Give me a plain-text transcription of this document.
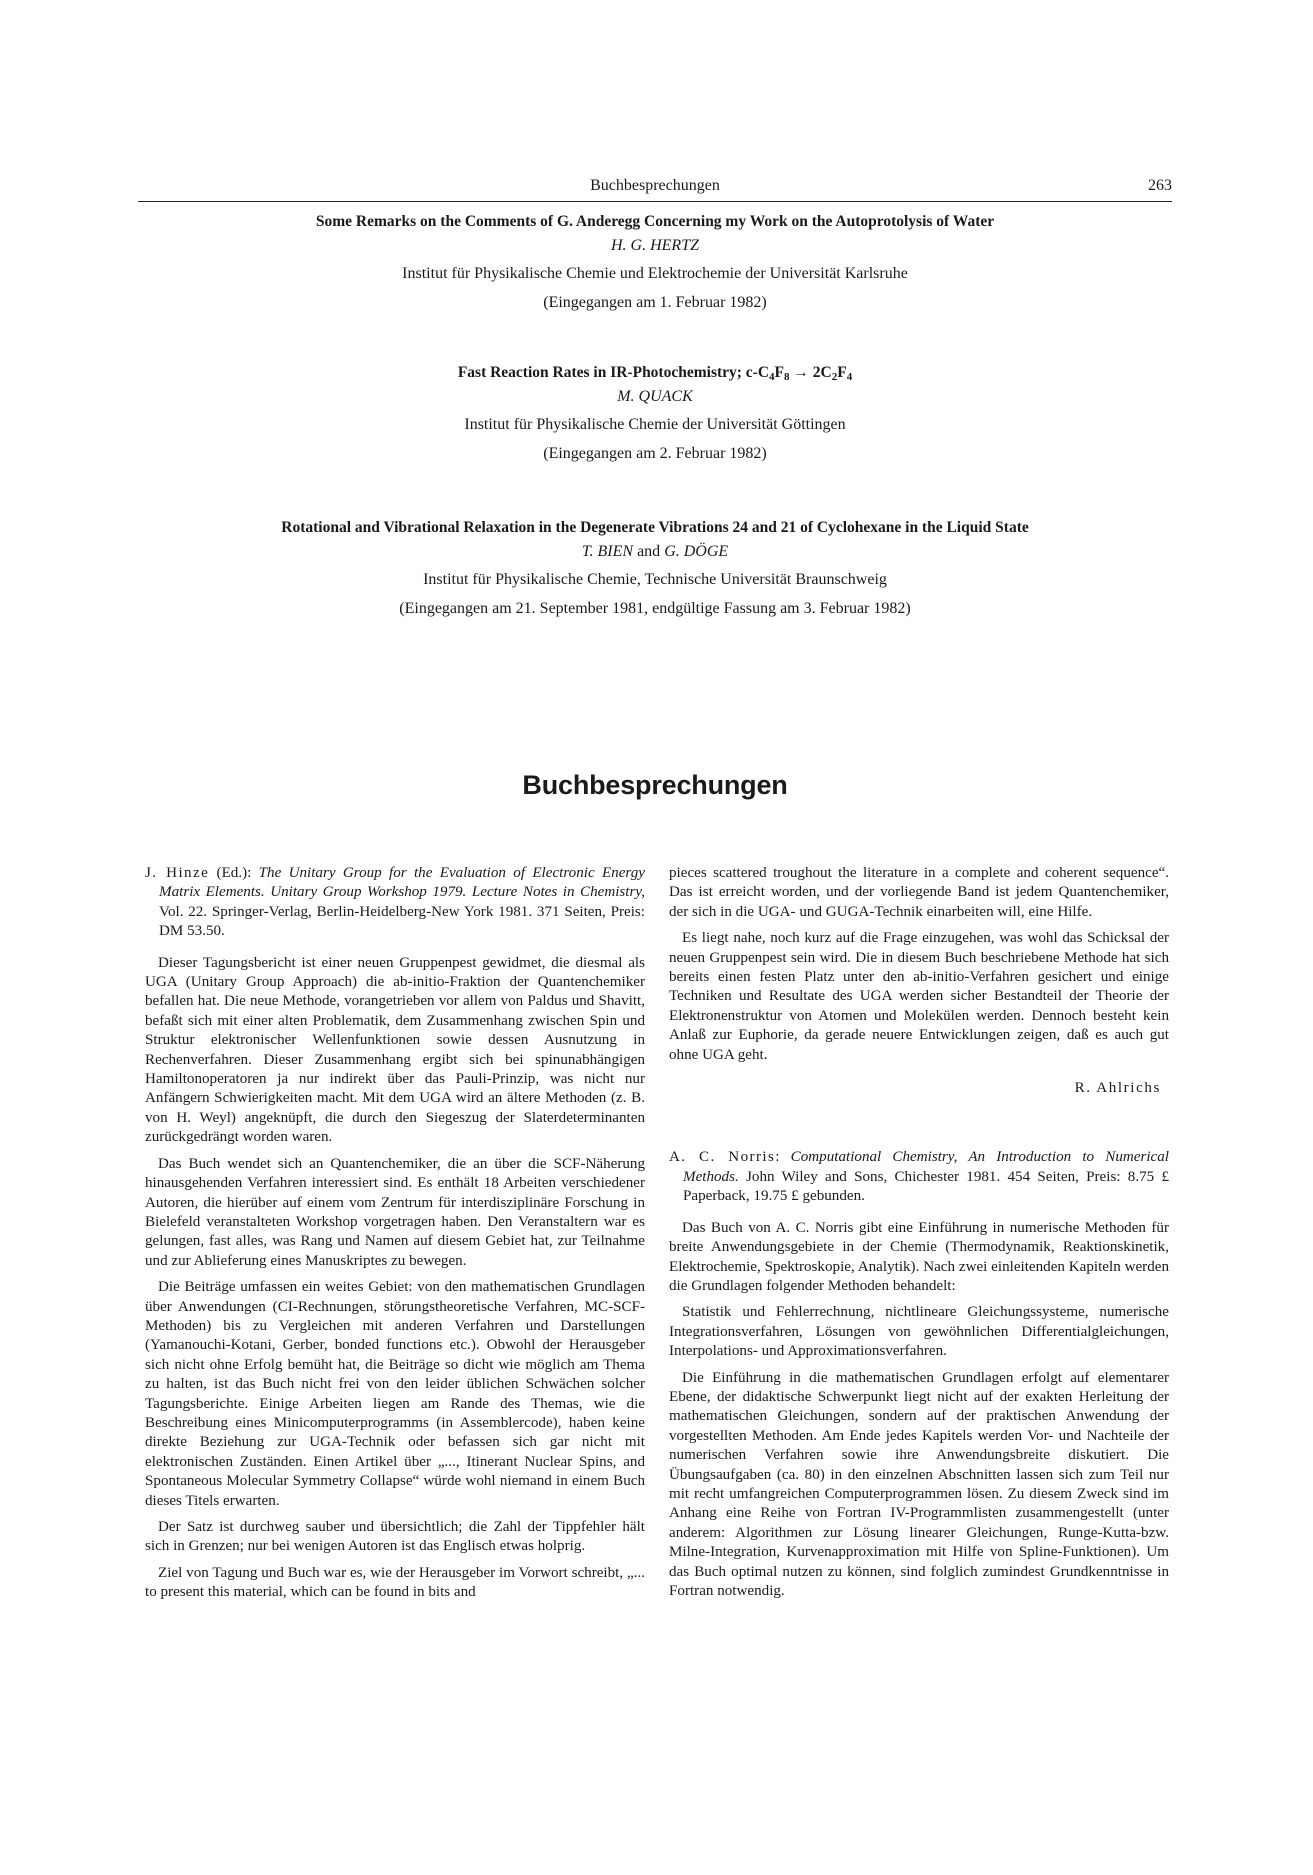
Buchbesprechungen	263
Some Remarks on the Comments of G. Anderegg Concerning my Work on the Autoprotolysis of Water
H. G. HERTZ
Institut für Physikalische Chemie und Elektrochemie der Universität Karlsruhe
(Eingegangen am 1. Februar 1982)
Fast Reaction Rates in IR-Photochemistry; $c-C_4F_8 \to 2C_2F_4$
M. QUACK
Institut für Physikalische Chemie der Universität Göttingen
(Eingegangen am 2. Februar 1982)
Rotational and Vibrational Relaxation in the Degenerate Vibrations 24 and 21 of Cyclohexane in the Liquid State
T. BIEN and G. DÖGE
Institut für Physikalische Chemie, Technische Universität Braunschweig
(Eingegangen am 21. September 1981, endgültige Fassung am 3. Februar 1982)
Buchbesprechungen
J. Hinze (Ed.): The Unitary Group for the Evaluation of Electronic Energy Matrix Elements. Unitary Group Workshop 1979. Lecture Notes in Chemistry, Vol. 22. Springer-Verlag, Berlin-Heidelberg-New York 1981. 371 Seiten, Preis: DM 53.50.

Dieser Tagungsbericht ist einer neuen Gruppenpest gewidmet, die diesmal als UGA (Unitary Group Approach) die ab-initio-Fraktion der Quantenchemiker befallen hat. Die neue Methode, vorangetrieben vor allem von Paldus und Shavitt, befaßt sich mit einer alten Problematik, dem Zusammenhang zwischen Spin und Struktur elektronischer Wellenfunktionen sowie dessen Ausnutzung in Rechenverfahren. Dieser Zusammenhang ergibt sich bei spinunabhängigen Hamiltonoperatoren ja nur indirekt über das Pauli-Prinzip, was nicht nur Anfängern Schwierigkeiten macht. Mit dem UGA wird an ältere Methoden (z. B. von H. Weyl) angeknüpft, die durch den Siegeszug der Slaterdeterminanten zurückgedrängt worden waren.

Das Buch wendet sich an Quantenchemiker, die an über die SCF-Näherung hinausgehenden Verfahren interessiert sind. Es enthält 18 Arbeiten verschiedener Autoren, die hierüber auf einem vom Zentrum für interdisziplinäre Forschung in Bielefeld veranstalteten Workshop vorgetragen haben. Den Veranstaltern war es gelungen, fast alles, was Rang und Namen auf diesem Gebiet hat, zur Teilnahme und zur Ablieferung eines Manuskriptes zu bewegen.

Die Beiträge umfassen ein weites Gebiet: von den mathematischen Grundlagen über Anwendungen (CI-Rechnungen, störungstheoretische Verfahren, MC-SCF-Methoden) bis zu Vergleichen mit anderen Verfahren und Darstellungen (Yamanouchi-Kotani, Gerber, bonded functions etc.). Obwohl der Herausgeber sich nicht ohne Erfolg bemüht hat, die Beiträge so dicht wie möglich am Thema zu halten, ist das Buch nicht frei von den leider üblichen Schwächen solcher Tagungsberichte. Einige Arbeiten liegen am Rande des Themas, wie die Beschreibung eines Minicomputerprogramms (in Assemblercode), haben keine direkte Beziehung zur UGA-Technik oder befassen sich gar nicht mit elektronischen Zuständen. Einen Artikel über „..., Itinerant Nuclear Spins, and Spontaneous Molecular Symmetry Collapse“ würde wohl niemand in einem Buch dieses Titels erwarten.

Der Satz ist durchweg sauber und übersichtlich; die Zahl der Tippfehler hält sich in Grenzen; nur bei wenigen Autoren ist das Englisch etwas holprig.

Ziel von Tagung und Buch war es, wie der Herausgeber im Vorwort schreibt, „... to present this material, which can be found in bits and

pieces scattered troughout the literature in a complete and coherent sequence“. Das ist erreicht worden, und der vorliegende Band ist jedem Quantenchemiker, der sich in die UGA- und GUGA-Technik einarbeiten will, eine Hilfe.

Es liegt nahe, noch kurz auf die Frage einzugehen, was wohl das Schicksal der neuen Gruppenpest sein wird. Die in diesem Buch beschriebene Methode hat sich bereits einen festen Platz unter den ab-initio-Verfahren gesichert und einige Techniken und Resultate des UGA werden sicher Bestandteil der Theorie der Elektronenstruktur von Atomen und Molekülen werden. Dennoch besteht kein Anlaß zur Euphorie, da gerade neuere Entwicklungen zeigen, daß es auch gut ohne UGA geht.

R. Ahlrichs
A. C. Norris: Computational Chemistry, An Introduction to Numerical Methods. John Wiley and Sons, Chichester 1981. 454 Seiten, Preis: 8.75 £ Paperback, 19.75 £ gebunden.

Das Buch von A. C. Norris gibt eine Einführung in numerische Methoden für breite Anwendungsgebiete in der Chemie (Thermodynamik, Reaktionskinetik, Elektrochemie, Spektroskopie, Analytik). Nach zwei einleitenden Kapiteln werden die Grundlagen folgender Methoden behandelt:

Statistik und Fehlerrechnung, nichtlineare Gleichungssysteme, numerische Integrationsverfahren, Lösungen von gewöhnlichen Differentialgleichungen, Interpolations- und Approximationsverfahren.

Die Einführung in die mathematischen Grundlagen erfolgt auf elementarer Ebene, der didaktische Schwerpunkt liegt nicht auf der exakten Herleitung der mathematischen Gleichungen, sondern auf der praktischen Anwendung der vorgestellten Methoden. Am Ende jedes Kapitels werden Vor- und Nachteile der numerischen Verfahren sowie ihre Anwendungsbreite diskutiert. Die Übungsaufgaben (ca. 80) in den einzelnen Abschnitten lassen sich zum Teil nur mit recht umfangreichen Computerprogrammen lösen. Zu diesem Zweck sind im Anhang eine Reihe von Fortran IV-Programmlisten zusammengestellt (unter anderem: Algorithmen zur Lösung linearer Gleichungen, Runge-Kutta-bzw. Milne-Integration, Kurvenapproximation mit Hilfe von Spline-Funktionen). Um das Buch optimal nutzen zu können, sind folglich zumindest Grundkenntnisse in Fortran notwendig.
